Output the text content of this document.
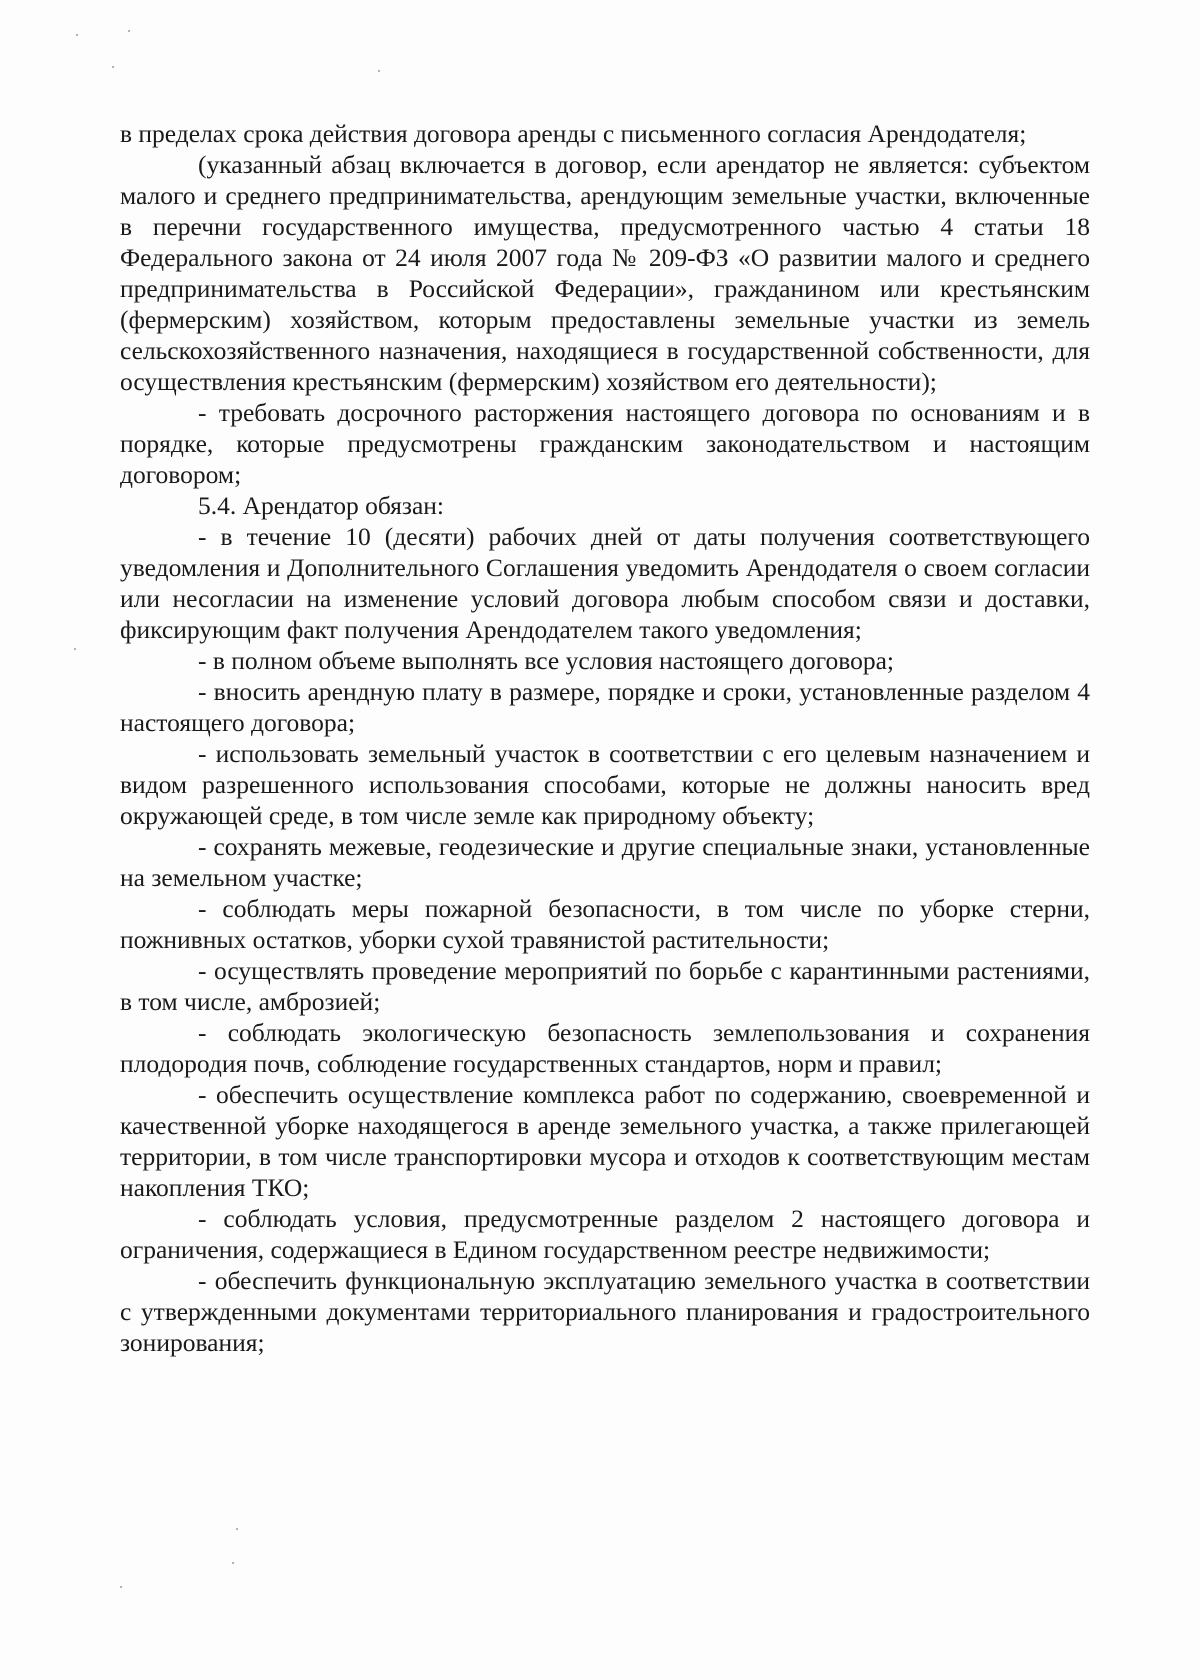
в пределах срока действия договора аренды с письменного согласия Арендодателя;

(указанный абзац включается в договор, если арендатор не является: субъектом малого и среднего предпринимательства, арендующим земельные участки, включенные в перечни государственного имущества, предусмотренного частью 4 статьи 18 Федерального закона от 24 июля 2007 года № 209-ФЗ «О развитии малого и среднего предпринимательства в Российской Федерации», гражданином или крестьянским (фермерским) хозяйством, которым предоставлены земельные участки из земель сельскохозяйственного назначения, находящиеся в государственной собственности, для осуществления крестьянским (фермерским) хозяйством его деятельности);

- требовать досрочного расторжения настоящего договора по основаниям и в порядке, которые предусмотрены гражданским законодательством и настоящим договором;

5.4. Арендатор обязан:

- в течение 10 (десяти) рабочих дней от даты получения соответствующего уведомления и Дополнительного Соглашения уведомить Арендодателя о своем согласии или несогласии на изменение условий договора любым способом связи и доставки, фиксирующим факт получения Арендодателем такого уведомления;

- в полном объеме выполнять все условия настоящего договора;

- вносить арендную плату в размере, порядке и сроки, установленные разделом 4 настоящего договора;

- использовать земельный участок в соответствии с его целевым назначением и видом разрешенного использования способами, которые не должны наносить вред окружающей среде, в том числе земле как природному объекту;

- сохранять межевые, геодезические и другие специальные знаки, установленные на земельном участке;

- соблюдать меры пожарной безопасности, в том числе по уборке стерни, пожнивных остатков, уборки сухой травянистой растительности;

- осуществлять проведение мероприятий по борьбе с карантинными растениями, в том числе, амброзией;

- соблюдать экологическую безопасность землепользования и сохранения плодородия почв, соблюдение государственных стандартов, норм и правил;

- обеспечить осуществление комплекса работ по содержанию, своевременной и качественной уборке находящегося в аренде земельного участка, а также прилегающей территории, в том числе транспортировки мусора и отходов к соответствующим местам накопления ТКО;

- соблюдать условия, предусмотренные разделом 2 настоящего договора и ограничения, содержащиеся в Едином государственном реестре недвижимости;

- обеспечить функциональную эксплуатацию земельного участка в соответствии с утвержденными документами территориального планирования и градостроительного зонирования;
